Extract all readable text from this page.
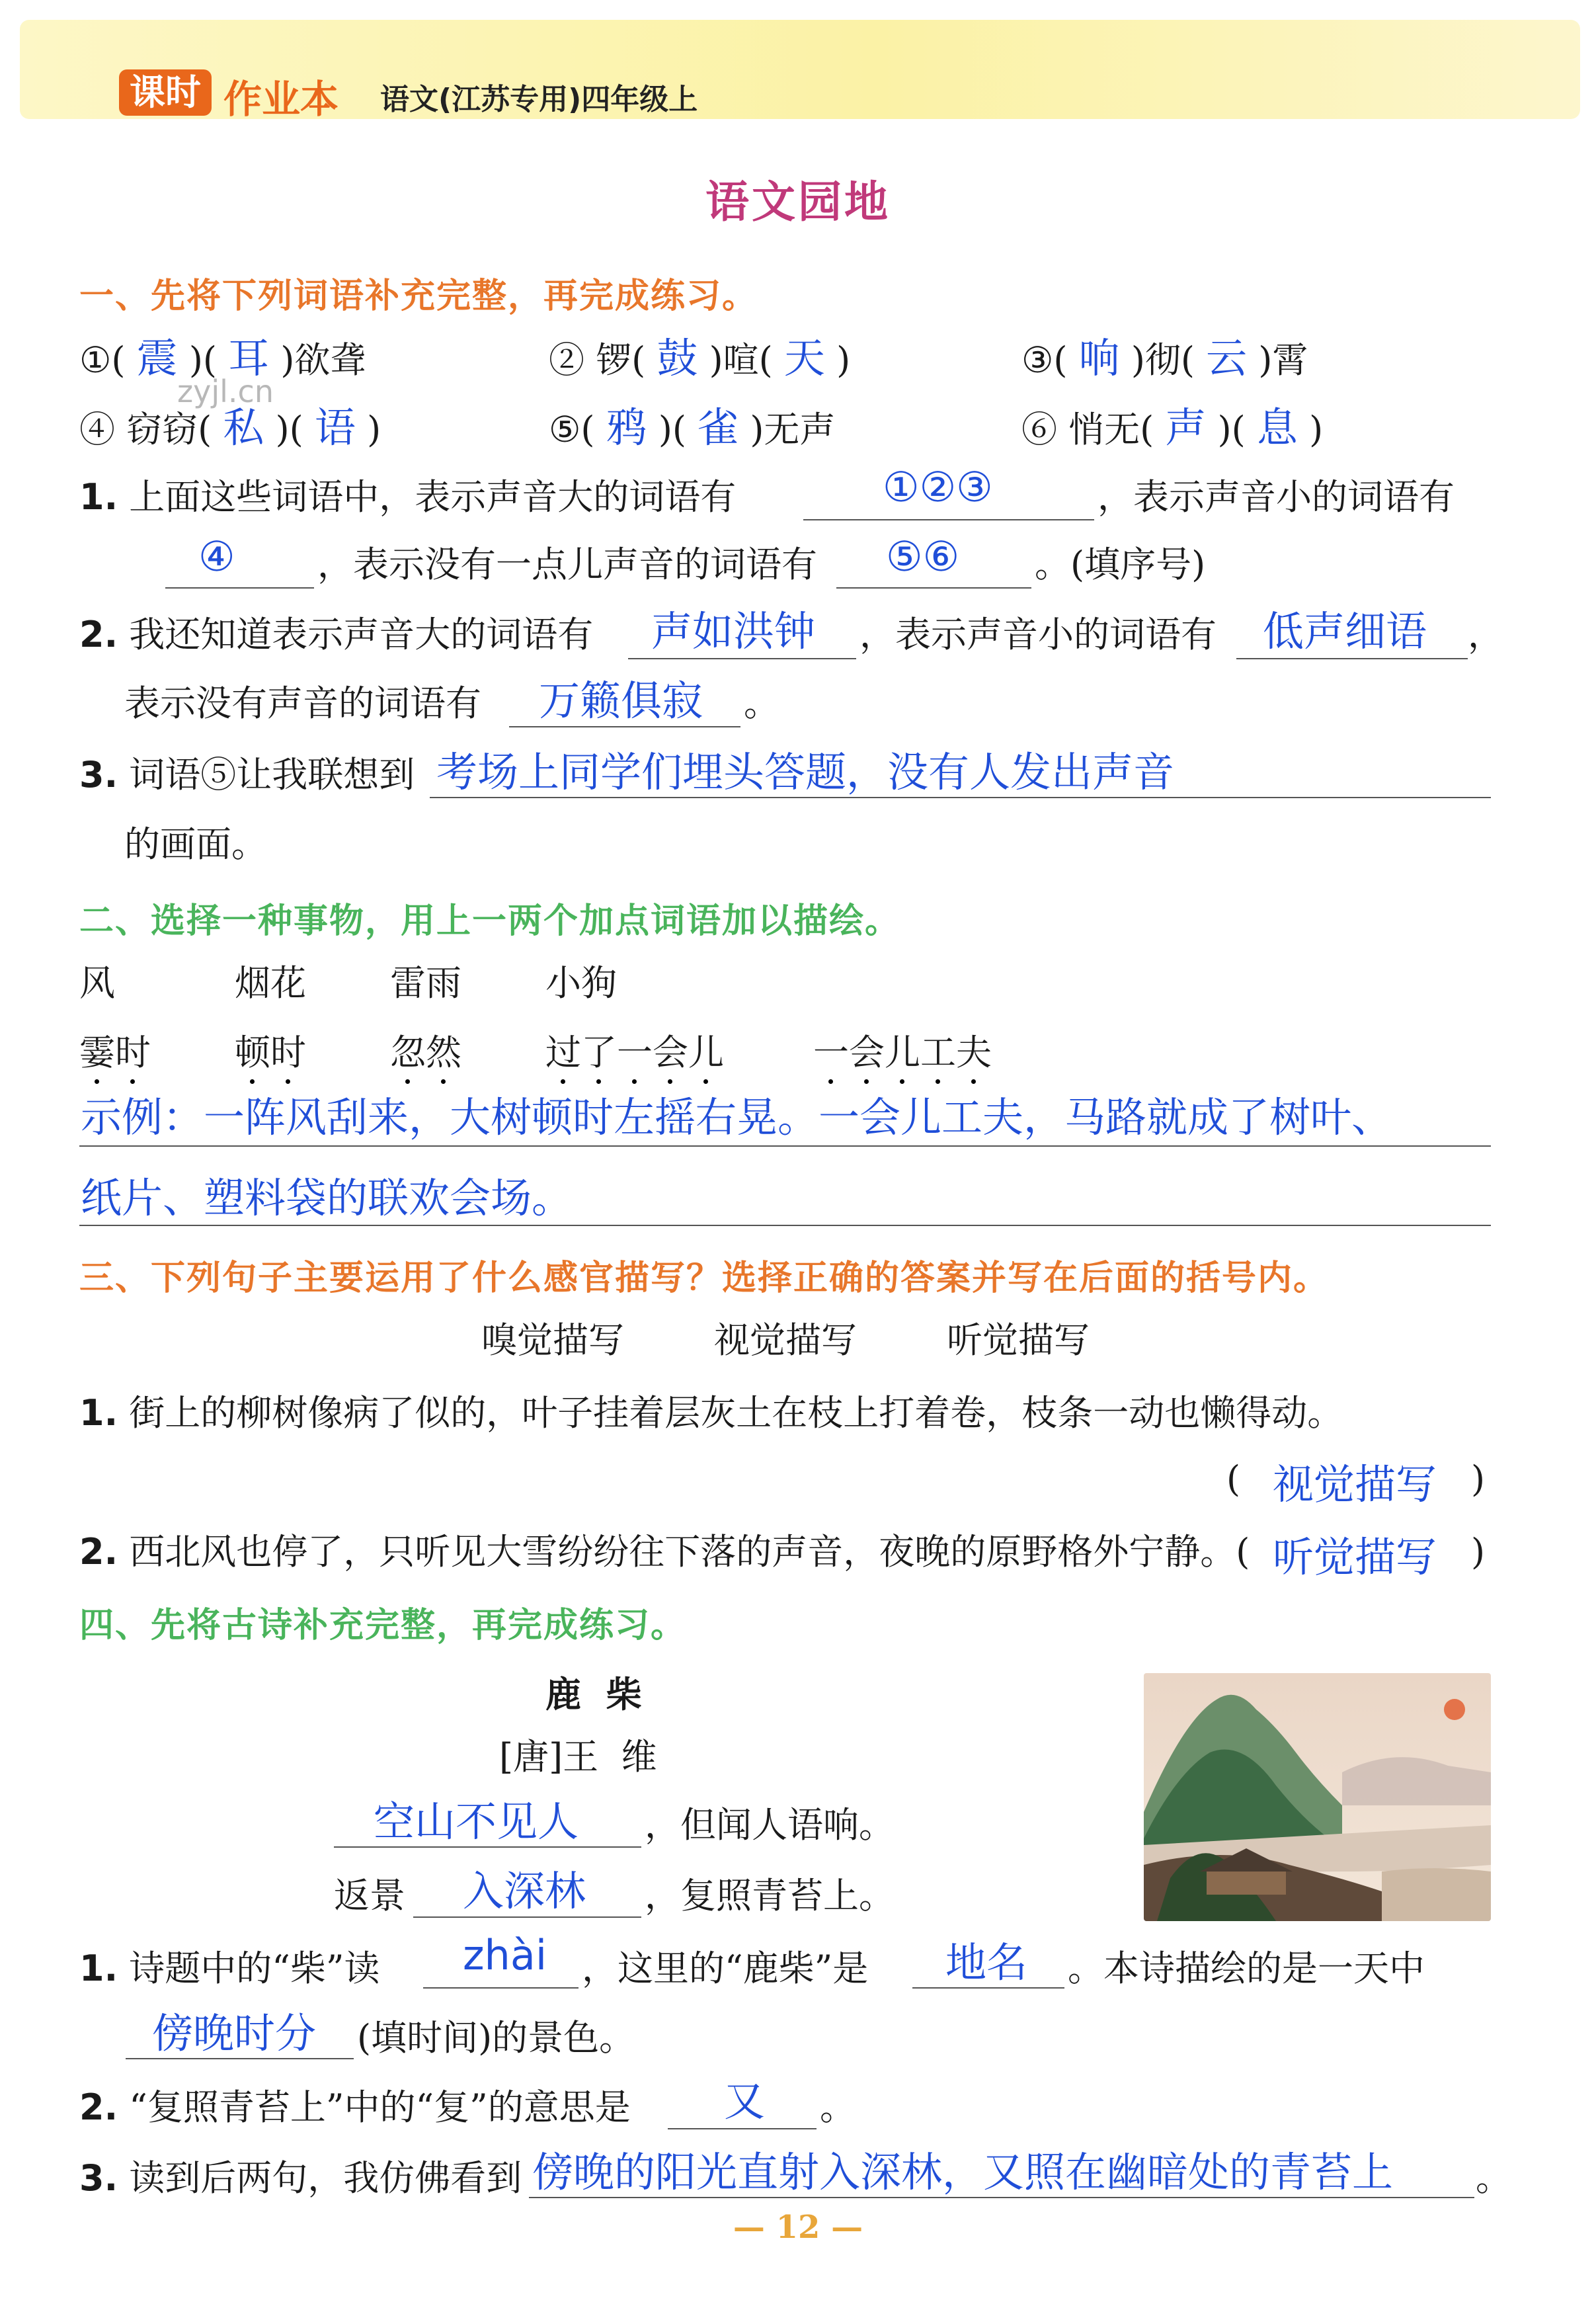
课时 作业本 语文(江苏专用)四年级上
语文园地
zyjl.cn
一、先将下列词语补充完整，再完成练习。
①( 震 )( 耳 )欲聋	② 锣( 鼓 )喧( 天 )	③( 响 )彻( 云 )霄
④ 窃窃( 私 )( 语 )	⑤( 鸦 )( 雀 )无声	⑥ 悄无( 声 )( 息 )
1. 上面这些词语中，表示声音大的词语有	①②③	，表示声音小的词语有
④ ，表示没有一点儿声音的词语有 ⑤⑥ 。(填序号)
2. 我还知道表示声音大的词语有 声如洪钟 ，表示声音小的词语有 低声细语 ，
表示没有声音的词语有 万籁俱寂 。
3. 词语⑤让我联想到 考场上同学们埋头答题，没有人发出声音
的画面。
二、选择一种事物，用上一两个加点词语加以描绘。
风	烟花 雷雨 小狗
霎时 顿时 忽然 过了一会儿	一会儿工夫
示例：一阵风刮来，大树顿时左摇右晃。一会儿工夫，马路就成了树叶、
纸片、塑料袋的联欢会场。
三、下列句子主要运用了什么感官描写？选择正确的答案并写在后面的括号内。
嗅觉描写	视觉描写	听觉描写
1. 街上的柳树像病了似的，叶子挂着层灰土在枝上打着卷，枝条一动也懒得动。
( 视觉描写 )
2. 西北风也停了，只听见大雪纷纷往下落的声音，夜晚的原野格外宁静。( 听觉描写 )
四、先将古诗补充完整，再完成练习。
鹿  柴
[唐]王  维
空山不见人 ，但闻人语响。
返景 入深林 ，复照青苔上。
1. 诗题中的“柴”读 zhài ，这里的“鹿柴”是 地名 。本诗描绘的是一天中
傍晚时分 (填时间)的景色。
2. “复照青苔上”中的“复”的意思是 又 。
3. 读到后两句，我仿佛看到 傍晚的阳光直射入深林，又照在幽暗处的青苔上 。
— 12 —
